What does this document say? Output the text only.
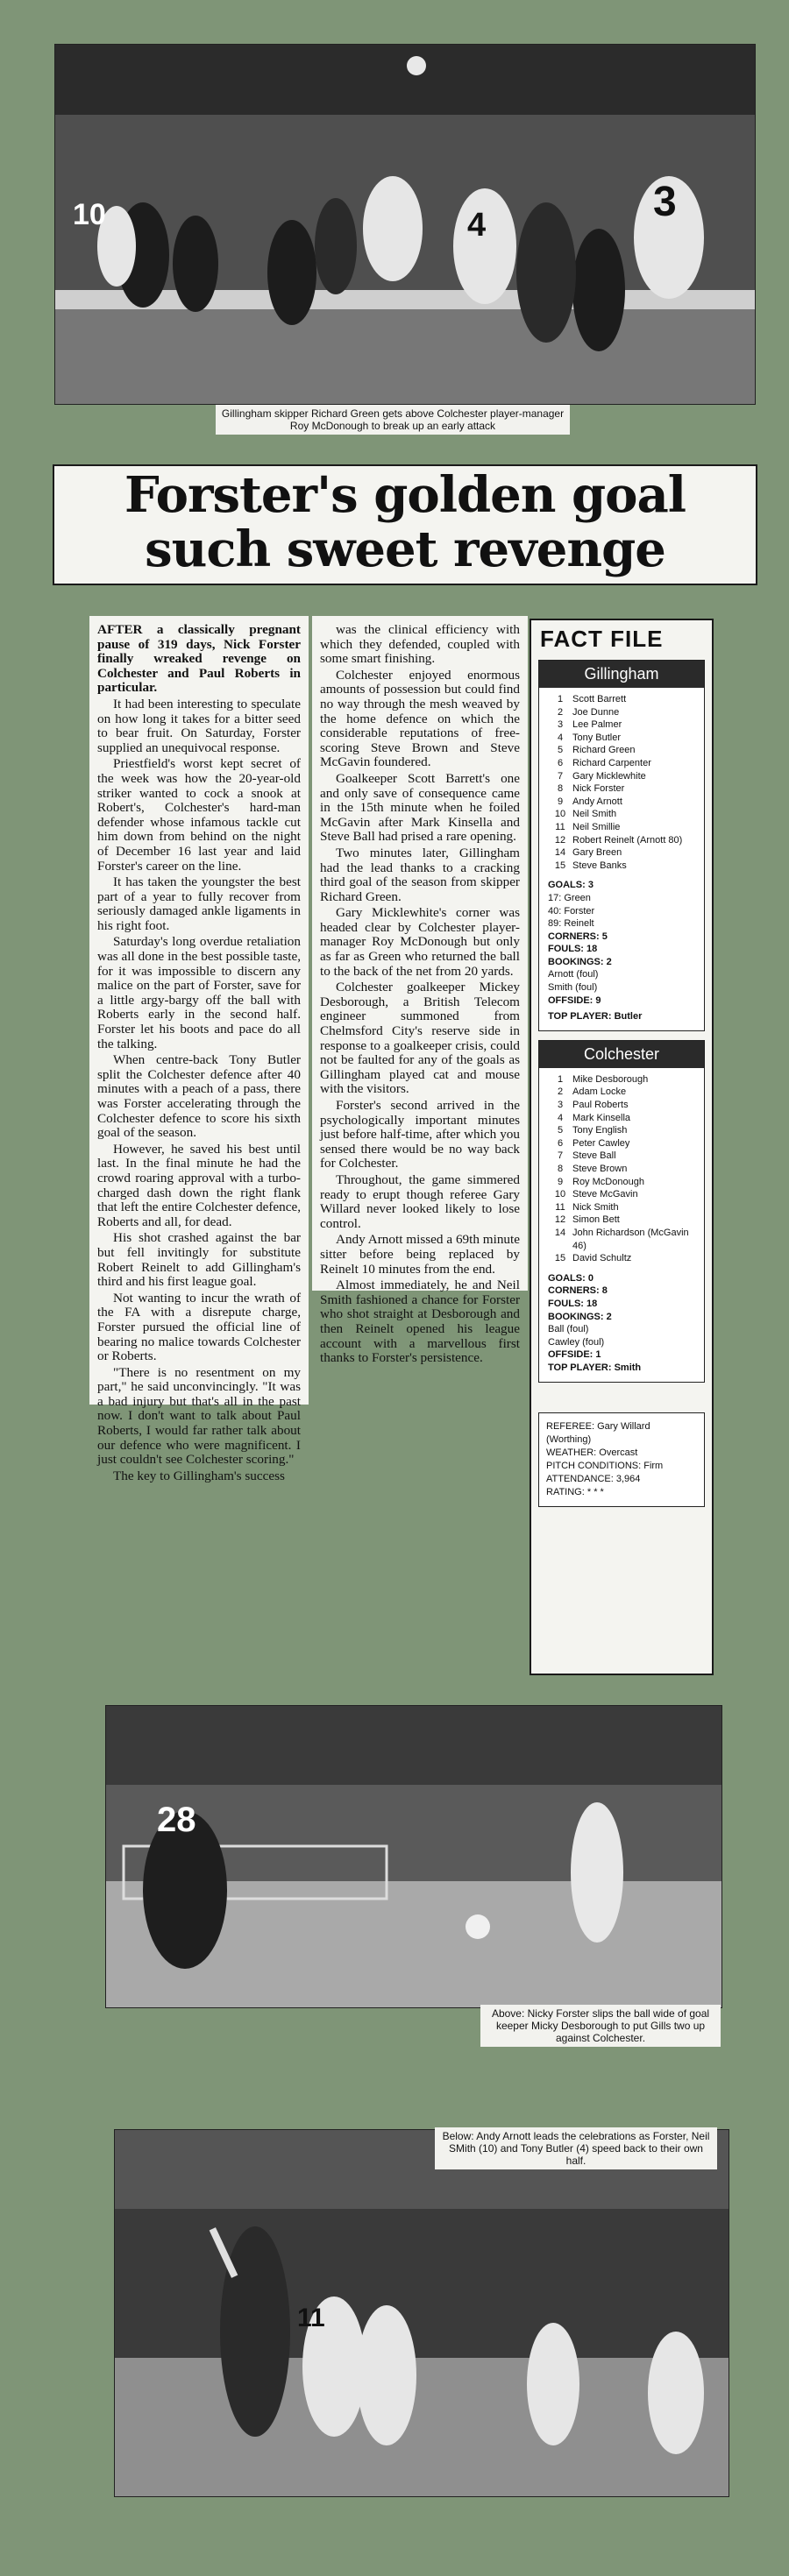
10	4	3
Gillingham skipper Richard Green gets above Colchester player-manager Roy McDonough to break up an early attack
Forster's golden goal
such sweet revenge

AFTER a classically pregnant pause of 319 days, Nick Forster finally wreaked revenge on Colchester and Paul Roberts in particular.

It had been interesting to speculate on how long it takes for a bitter seed to bear fruit. On Saturday, Forster supplied an unequivocal response.

Priestfield's worst kept secret of the week was how the 20-year-old striker wanted to cock a snook at Robert's, Colchester's hard-man defender whose infamous tackle cut him down from behind on the night of December 16 last year and laid Forster's career on the line.

It has taken the youngster the best part of a year to fully recover from seriously damaged ankle ligaments in his right foot.

Saturday's long overdue retaliation was all done in the best possible taste, for it was impossible to discern any malice on the part of Forster, save for a little argy-bargy off the ball with Roberts early in the second half. Forster let his boots and pace do all the talking.

When centre-back Tony Butler split the Colchester defence after 40 minutes with a peach of a pass, there was Forster accelerating through the Colchester defence to score his sixth goal of the season.

However, he saved his best until last. In the final minute he had the crowd roaring approval with a turbo-charged dash down the right flank that left the entire Colchester defence, Roberts and all, for dead.

His shot crashed against the bar but fell invitingly for substitute Robert Reinelt to add Gillingham's third and his first league goal.

Not wanting to incur the wrath of the FA with a disrepute charge, Forster pursued the official line of bearing no malice towards Colchester or Roberts.

"There is no resentment on my part," he said unconvincingly. "It was a bad injury but that's all in the past now. I don't want to talk about Paul Roberts, I would far rather talk about our defence who were magnificent. I just couldn't see Colchester scoring."

The key to Gillingham's success

was the clinical efficiency with which they defended, coupled with some smart finishing.

Colchester enjoyed enormous amounts of possession but could find no way through the mesh weaved by the home defence on which the considerable reputations of free-scoring Steve Brown and Steve McGavin foundered.

Goalkeeper Scott Barrett's one and only save of consequence came in the 15th minute when he foiled McGavin after Mark Kinsella and Steve Ball had prised a rare opening.

Two minutes later, Gillingham had the lead thanks to a cracking third goal of the season from skipper Richard Green.

Gary Micklewhite's corner was headed clear by Colchester player-manager Roy McDonough but only as far as Green who returned the ball to the back of the net from 20 yards.

Colchester goalkeeper Mickey Desborough, a British Telecom engineer summoned from Chelmsford City's reserve side in response to a goalkeeper crisis, could not be faulted for any of the goals as Gillingham played cat and mouse with the visitors.

Forster's second arrived in the psychologically important minutes just before half-time, after which you sensed there would be no way back for Colchester.

Throughout, the game simmered ready to erupt though referee Gary Willard never looked likely to lose control.

Andy Arnott missed a 69th minute sitter before being replaced by Reinelt 10 minutes from the end.

Almost immediately, he and Neil Smith fashioned a chance for Forster who shot straight at Desborough and then Reinelt opened his league account with a marvellous first thanks to Forster's persistence.

FACT FILE
Gillingham
1 Scott Barrett
2 Joe Dunne
3 Lee Palmer
4 Tony Butler
5 Richard Green
6 Richard Carpenter
7 Gary Micklewhite
8 Nick Forster
9 Andy Arnott
10 Neil Smith
11 Neil Smillie
12 Robert Reinelt (Arnott 80)
14 Gary Breen
15 Steve Banks
GOALS: 3
17: Green
40: Forster
89: Reinelt
CORNERS: 5
FOULS: 18
BOOKINGS: 2
Arnott (foul)
Smith (foul)
OFFSIDE: 9
TOP PLAYER: Butler
Colchester
1 Mike Desborough
2 Adam Locke
3 Paul Roberts
4 Mark Kinsella
5 Tony English
6 Peter Cawley
7 Steve Ball
8 Steve Brown
9 Roy McDonough
10 Steve McGavin
11 Nick Smith
12 Simon Bett
14 John Richardson (McGavin 46)
15 David Schultz
GOALS: 0
CORNERS: 8
FOULS: 18
BOOKINGS: 2
Ball (foul)
Cawley (foul)
OFFSIDE: 1
TOP PLAYER: Smith
REFEREE: Gary Willard (Worthing)
WEATHER: Overcast
PITCH CONDITIONS: Firm
ATTENDANCE: 3,964
RATING: * * *
28
Above: Nicky Forster slips the ball wide of goal keeper Micky Desborough to put Gills two up against Colchester.
Below: Andy Arnott leads the celebrations as Forster, Neil SMith (10) and Tony Butler (4) speed back to their own half.
11
